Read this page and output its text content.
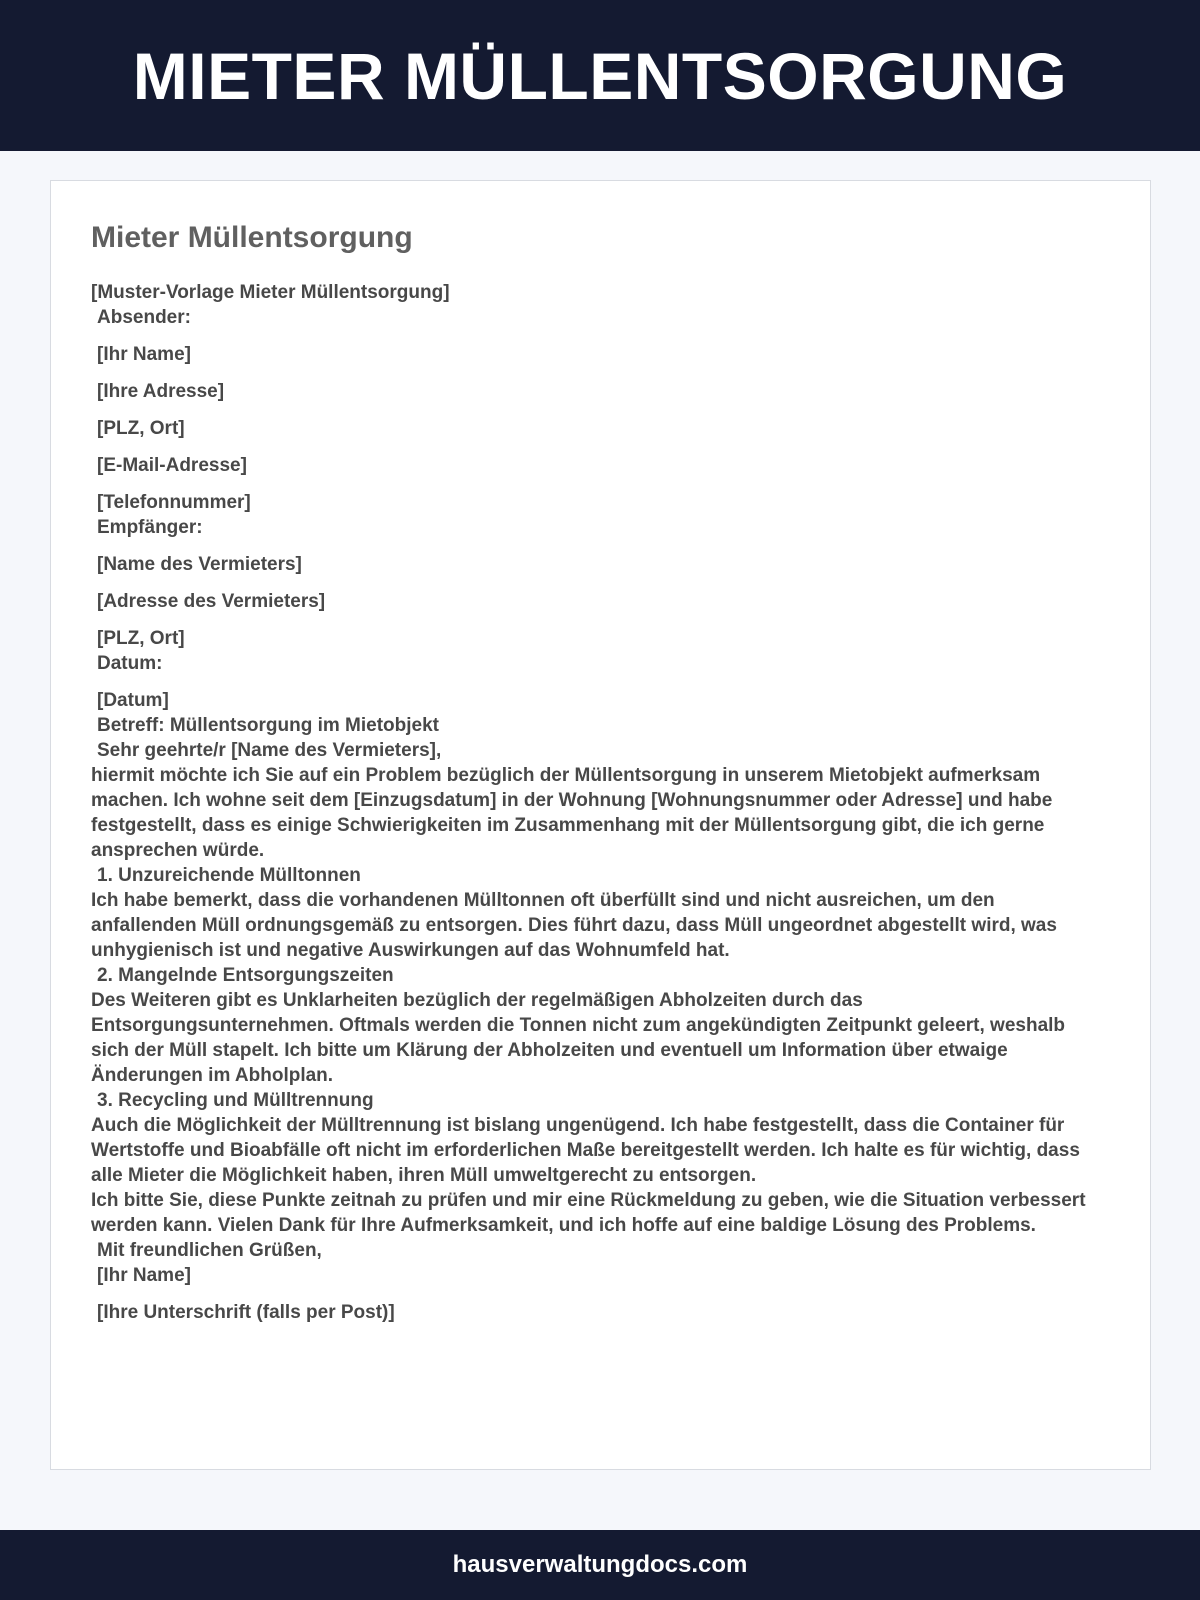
MIETER MÜLLENTSORGUNG
Mieter Müllentsorgung
[Muster-Vorlage Mieter Müllentsorgung]
Absender:
[Ihr Name]
[Ihre Adresse]
[PLZ, Ort]
[E-Mail-Adresse]
[Telefonnummer]
Empfänger:
[Name des Vermieters]
[Adresse des Vermieters]
[PLZ, Ort]
Datum:
[Datum]
Betreff: Müllentsorgung im Mietobjekt
Sehr geehrte/r [Name des Vermieters],
hiermit möchte ich Sie auf ein Problem bezüglich der Müllentsorgung in unserem Mietobjekt aufmerksam machen. Ich wohne seit dem [Einzugsdatum] in der Wohnung [Wohnungsnummer oder Adresse] und habe festgestellt, dass es einige Schwierigkeiten im Zusammenhang mit der Müllentsorgung gibt, die ich gerne ansprechen würde.
1. Unzureichende Mülltonnen
Ich habe bemerkt, dass die vorhandenen Mülltonnen oft überfüllt sind und nicht ausreichen, um den anfallenden Müll ordnungsgemäß zu entsorgen. Dies führt dazu, dass Müll ungeordnet abgestellt wird, was unhygienisch ist und negative Auswirkungen auf das Wohnumfeld hat.
2. Mangelnde Entsorgungszeiten
Des Weiteren gibt es Unklarheiten bezüglich der regelmäßigen Abholzeiten durch das Entsorgungsunternehmen. Oftmals werden die Tonnen nicht zum angekündigten Zeitpunkt geleert, weshalb sich der Müll stapelt. Ich bitte um Klärung der Abholzeiten und eventuell um Information über etwaige Änderungen im Abholplan.
3. Recycling und Mülltrennung
Auch die Möglichkeit der Mülltrennung ist bislang ungenügend. Ich habe festgestellt, dass die Container für Wertstoffe und Bioabfälle oft nicht im erforderlichen Maße bereitgestellt werden. Ich halte es für wichtig, dass alle Mieter die Möglichkeit haben, ihren Müll umweltgerecht zu entsorgen.
Ich bitte Sie, diese Punkte zeitnah zu prüfen und mir eine Rückmeldung zu geben, wie die Situation verbessert werden kann. Vielen Dank für Ihre Aufmerksamkeit, und ich hoffe auf eine baldige Lösung des Problems.
Mit freundlichen Grüßen,
[Ihr Name]
[Ihre Unterschrift (falls per Post)]
hausverwaltungdocs.com
